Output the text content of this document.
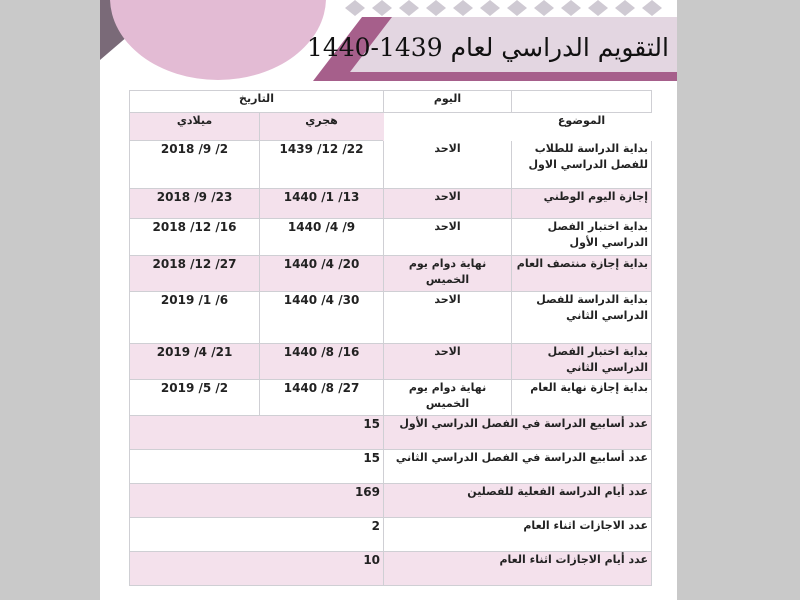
التقويم الدراسي لعام 1439-1440
	اليوم	التاريخ	
الموضوع		هجري	ميلادي
بداية الدراسة للطلاب للفصل الدراسي الاول	الاحد	1439 /12 /22	2018 /9 /2
إجازة اليوم الوطني	الاحد	1440 /1 /13	2018 /9 /23
بداية اختبار الفصل الدراسي الأول	الاحد	1440 /4 /9	2018 /12 /16
بداية إجازة منتصف العام	نهاية دوام يوم الخميس	1440 /4 /20	2018 /12 /27
بداية الدراسة للفصل الدراسي الثاني	الاحد	1440 /4 /30	2019 /1 /6
بداية اختبار الفصل الدراسي الثاني	الاحد	1440 /8 /16	2019 /4 /21
بداية إجازة نهاية العام	نهاية دوام يوم الخميس	1440 /8 /27	2019 /5 /2
عدد أسابيع الدراسة في الفصل الدراسي الأول		15	
عدد أسابيع الدراسة في الفصل الدراسي الثاني		15	
عدد أيام الدراسة الفعلية للفصلين		169	
عدد الاجازات اثناء العام		2	
عدد أيام الاجازات اثناء العام		10	
